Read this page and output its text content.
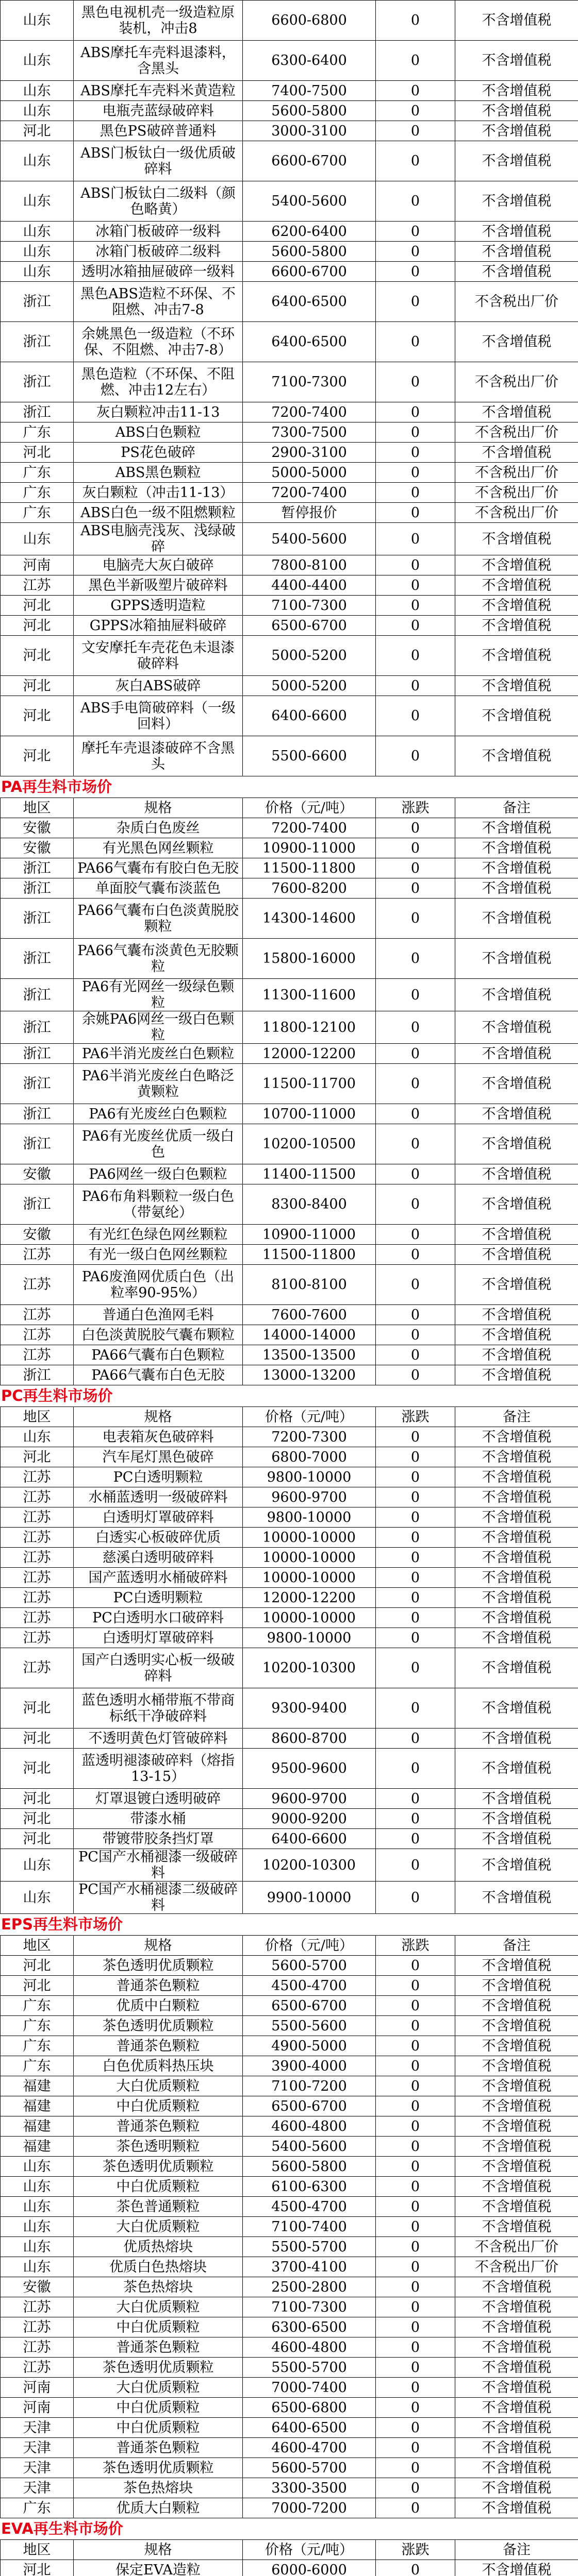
山东	黑色电视机壳一级造粒原装机，冲击8	6600-6800	0	不含增值税
山东	ABS摩托车壳料退漆料，含黑头	6300-6400	0	不含增值税
山东	ABS摩托车壳料米黄造粒	7400-7500	0	不含增值税
山东	电瓶壳蓝绿破碎料	5600-5800	0	不含增值税
河北	黑色PS破碎普通料	3000-3100	0	不含增值税
山东	ABS门板钛白一级优质破碎料	6600-6700	0	不含增值税
山东	ABS门板钛白二级料（颜色略黄）	5400-5600	0	不含增值税
山东	冰箱门板破碎一级料	6200-6400	0	不含增值税
山东	冰箱门板破碎二级料	5600-5800	0	不含增值税
山东	透明冰箱抽屉破碎一级料	6600-6700	0	不含增值税
浙江	黑色ABS造粒不环保、不阻燃、冲击7-8	6400-6500	0	不含税出厂价
浙江	余姚黑色一级造粒（不环保、不阻燃、冲击7-8）	6400-6500	0	不含增值税
浙江	黑色造粒（不环保、不阻燃、冲击12左右）	7100-7300	0	不含税出厂价
浙江	灰白颗粒冲击11-13	7200-7400	0	不含增值税
广东	ABS白色颗粒	7300-7500	0	不含税出厂价
河北	PS花色破碎	2900-3100	0	不含增值税
广东	ABS黑色颗粒	5000-5000	0	不含税出厂价
广东	灰白颗粒（冲击11-13）	7200-7400	0	不含税出厂价
广东	ABS白色一级不阻燃颗粒	暂停报价	0	不含税出厂价
山东	ABS电脑壳浅灰、浅绿破碎	5400-5600	0	不含增值税
河南	电脑壳大灰白破碎	7800-8100	0	不含增值税
江苏	黑色半新吸塑片破碎料	4400-4400	0	不含增值税
河北	GPPS透明造粒	7100-7300	0	不含增值税
河北	GPPS冰箱抽屉料破碎	6500-6700	0	不含增值税
河北	文安摩托车壳花色未退漆破碎料	5000-5200	0	不含增值税
河北	灰白ABS破碎	5000-5200	0	不含增值税
河北	ABS手电筒破碎料（一级回料）	6400-6600	0	不含增值税
河北	摩托车壳退漆破碎不含黑头	5500-6600	0	不含增值税
PA再生料市场价
地区	规格	价格（元/吨）	涨跌	备注
安徽	杂质白色废丝	7200-7400	0	不含增值税
安徽	有光黑色网丝颗粒	10900-11000	0	不含增值税
浙江	PA66气囊布有胶白色无胶	11500-11800	0	不含增值税
浙江	单面胶气囊布淡蓝色	7600-8200	0	不含增值税
浙江	PA66气囊布白色淡黄脱胶颗粒	14300-14600	0	不含增值税
浙江	PA66气囊布淡黄色无胶颗粒	15800-16000	0	不含增值税
浙江	PA6有光网丝一级绿色颗粒	11300-11600	0	不含增值税
浙江	余姚PA6网丝一级白色颗粒	11800-12100	0	不含增值税
浙江	PA6半消光废丝白色颗粒	12000-12200	0	不含增值税
浙江	PA6半消光废丝白色略泛黄颗粒	11500-11700	0	不含增值税
浙江	PA6有光废丝白色颗粒	10700-11000	0	不含增值税
浙江	PA6有光废丝优质一级白色	10200-10500	0	不含增值税
安徽	PA6网丝一级白色颗粒	11400-11500	0	不含增值税
浙江	PA6布角料颗粒一级白色（带氨纶）	8300-8400	0	不含增值税
安徽	有光红色绿色网丝颗粒	10900-11000	0	不含增值税
江苏	有光一级白色网丝颗粒	11500-11800	0	不含增值税
江苏	PA6废渔网优质白色（出粒率90-95%）	8100-8100	0	不含增值税
江苏	普通白色渔网毛料	7600-7600	0	不含增值税
江苏	白色淡黄脱胶气囊布颗粒	14000-14000	0	不含增值税
江苏	PA66气囊布白色颗粒	13500-13500	0	不含增值税
浙江	PA66气囊布白色无胶	13000-13200	0	不含增值税
PC再生料市场价
地区	规格	价格（元/吨）	涨跌	备注
山东	电表箱灰色破碎料	7200-7300	0	不含增值税
河北	汽车尾灯黑色破碎	6800-7000	0	不含增值税
江苏	PC白透明颗粒	9800-10000	0	不含增值税
江苏	水桶蓝透明一级破碎料	9600-9700	0	不含增值税
江苏	白透明灯罩破碎料	9800-10000	0	不含增值税
江苏	白透实心板破碎优质	10000-10000	0	不含增值税
江苏	慈溪白透明破碎料	10000-10000	0	不含增值税
江苏	国产蓝透明水桶破碎料	10000-10000	0	不含增值税
江苏	PC白透明颗粒	12000-12200	0	不含增值税
江苏	PC白透明水口破碎料	10000-10000	0	不含增值税
江苏	白透明灯罩破碎料	9800-10000	0	不含增值税
江苏	国产白透明实心板一级破碎料	10200-10300	0	不含增值税
河北	蓝色透明水桶带瓶不带商标纸干净破碎料	9300-9400	0	不含增值税
河北	不透明黄色灯管破碎料	8600-8700	0	不含增值税
河北	蓝透明褪漆破碎料（熔指13-15）	9500-9600	0	不含增值税
河北	灯罩退镀白透明破碎	9600-9700	0	不含增值税
河北	带漆水桶	9000-9200	0	不含增值税
河北	带镀带胶条挡灯罩	6400-6600	0	不含增值税
山东	PC国产水桶褪漆一级破碎料	10200-10300	0	不含增值税
山东	PC国产水桶褪漆二级破碎料	9900-10000	0	不含增值税
EPS再生料市场价
地区	规格	价格（元/吨）	涨跌	备注
河北	茶色透明优质颗粒	5600-5700	0	不含增值税
河北	普通茶色颗粒	4500-4700	0	不含增值税
广东	优质中白颗粒	6500-6700	0	不含增值税
广东	茶色透明优质颗粒	5500-5600	0	不含增值税
广东	普通茶色颗粒	4900-5000	0	不含增值税
广东	白色优质料热压块	3900-4000	0	不含增值税
福建	大白优质颗粒	7100-7200	0	不含增值税
福建	中白优质颗粒	6500-6700	0	不含增值税
福建	普通茶色颗粒	4600-4800	0	不含增值税
福建	茶色透明颗粒	5400-5600	0	不含增值税
山东	茶色透明优质颗粒	5600-5800	0	不含增值税
山东	中白优质颗粒	6100-6300	0	不含增值税
山东	茶色普通颗粒	4500-4700	0	不含增值税
山东	大白优质颗粒	7100-7400	0	不含增值税
山东	优质热熔块	5500-5700	0	不含税出厂价
山东	优质白色热熔块	3700-4100	0	不含税出厂价
安徽	茶色热熔块	2500-2800	0	不含增值税
江苏	大白优质颗粒	7100-7300	0	不含增值税
江苏	中白优质颗粒	6300-6500	0	不含增值税
江苏	普通茶色颗粒	4600-4800	0	不含增值税
江苏	茶色透明优质颗粒	5500-5700	0	不含增值税
河南	大白优质颗粒	7000-7400	0	不含增值税
河南	中白优质颗粒	6500-6800	0	不含增值税
天津	中白优质颗粒	6400-6500	0	不含增值税
天津	普通茶色颗粒	4600-4700	0	不含增值税
天津	茶色透明优质颗粒	5600-5700	0	不含增值税
天津	茶色热熔块	3300-3500	0	不含增值税
广东	优质大白颗粒	7000-7200	0	不含增值税
EVA再生料市场价
地区	规格	价格（元/吨）	涨跌	备注
河北	保定EVA造粒	6000-6000	0	不含增值税
